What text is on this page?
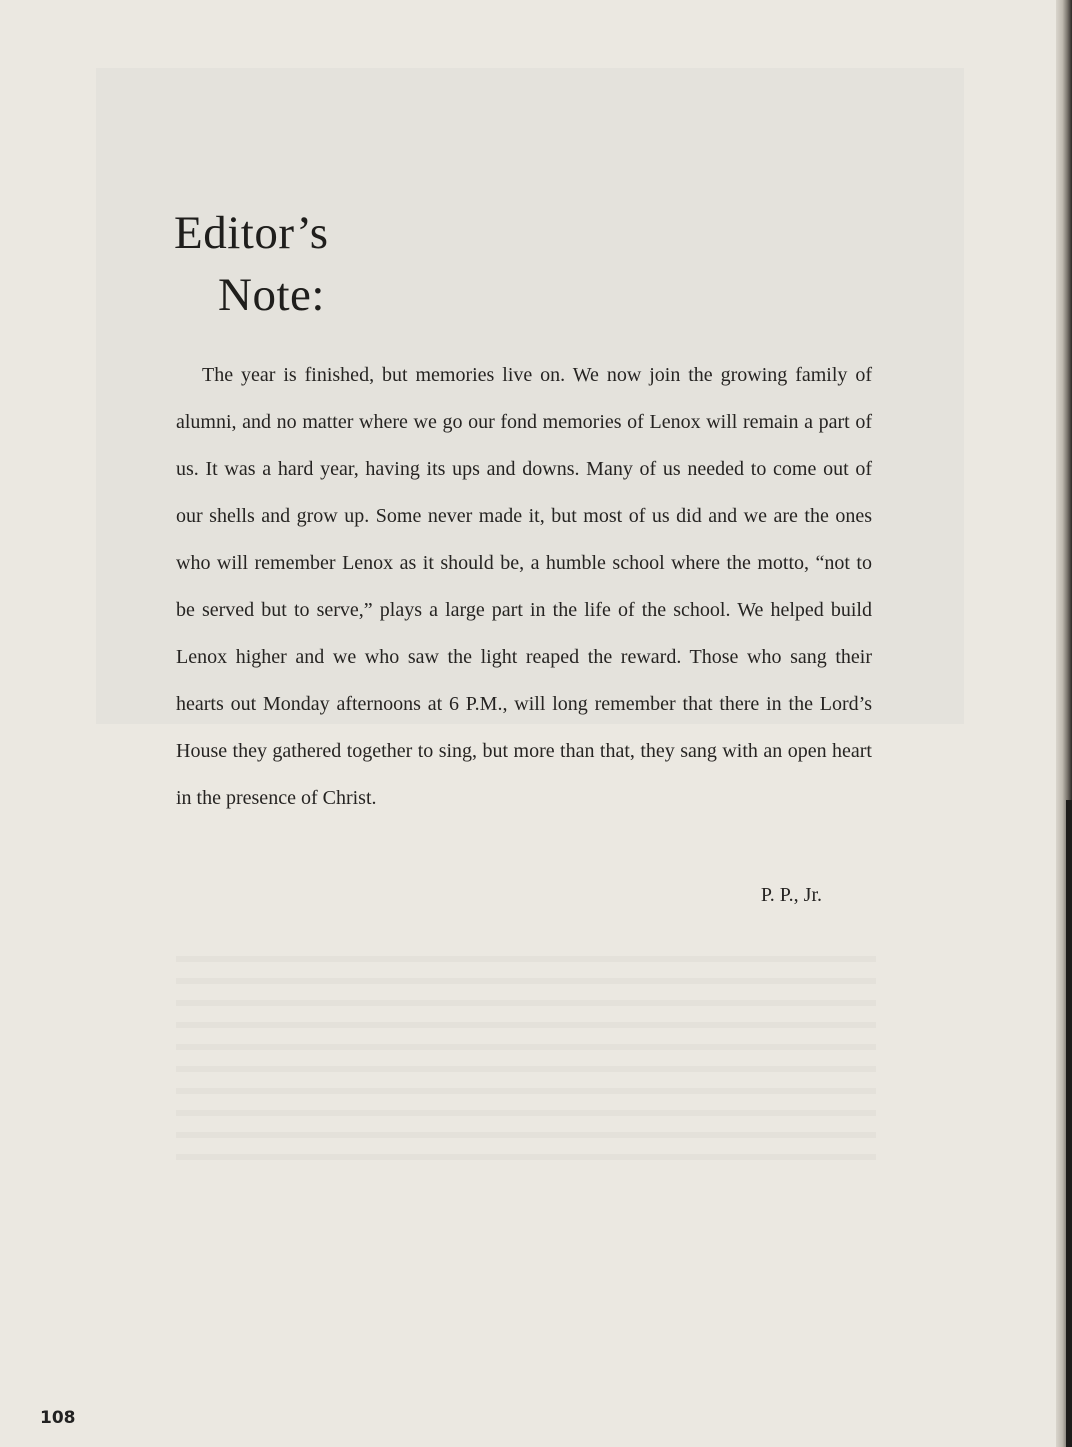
Editor’s
Note:

The year is finished, but memories live on. We now join the growing family of alumni, and no matter where we go our fond memories of Lenox will remain a part of us. It was a hard year, having its ups and downs. Many of us needed to come out of our shells and grow up. Some never made it, but most of us did and we are the ones who will remember Lenox as it should be, a humble school where the motto, “not to be served but to serve,” plays a large part in the life of the school. We helped build Lenox higher and we who saw the light reaped the reward. Those who sang their hearts out Monday afternoons at 6 P.M., will long remember that there in the Lord’s House they gathered together to sing, but more than that, they sang with an open heart in the presence of Christ.

P. P., Jr.
108
